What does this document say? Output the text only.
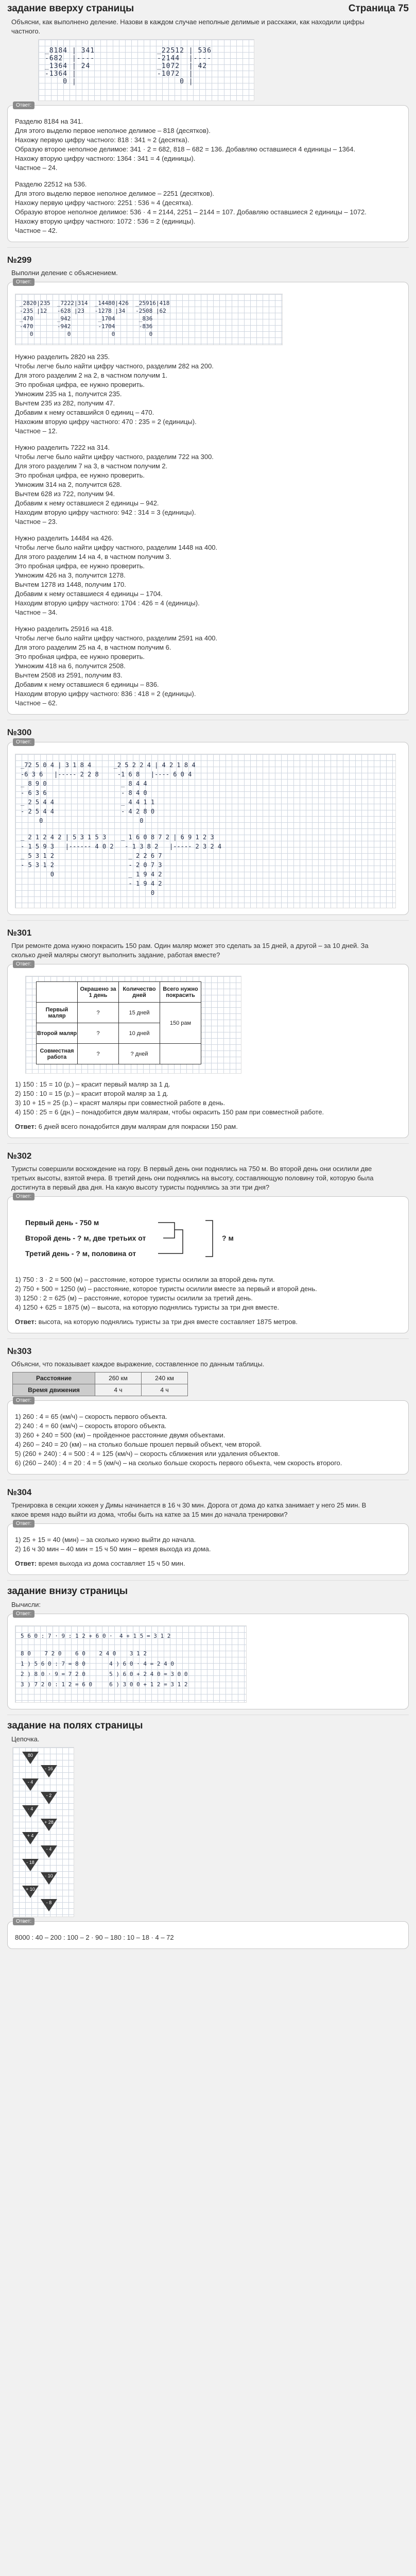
задание вверху страницы	Страница 75
Объясни, как выполнено деление. Назови в каждом случае неполные делимые и расскажи, как находили цифры частного.
_8184 | 341
-682  |----
_1364 | 24
-1364 |
0 |
_22512 | 536
-2144  |----
_1072  | 42
-1072  |
0 |
Ответ:

Разделю 8184 на 341.

Для этого выделю первое неполное делимое – 818 (десятков).

Нахожу первую цифру частного: 818 : 341 ≈ 2 (десятка).

Образую второе неполное делимое: 341 · 2 = 682, 818 – 682 = 136. Добавляю оставшиеся 4 единицы – 1364.

Нахожу вторую цифру частного: 1364 : 341 = 4 (единицы).

Частное – 24.

Разделю 22512 на 536.

Для этого выделю первое неполное делимое – 2251 (десятков).

Нахожу первую цифру частного: 2251 : 536 ≈ 4 (десятка).

Образую второе неполное делимое: 536 · 4 = 2144, 2251 – 2144 = 107. Добавляю оставшиеся 2 единицы – 1072.

Нахожу вторую цифру частного: 1072 : 536 = 2 (единицы).

Частное – 42.

№299
Выполни деление с объяснением.
Ответ:
_2820|235  _7222|314  _14480|426  _25916|418
-235 |12   -628 |23   -1278 |34   -2508 |62
_470       _942        _1704       _836
-470       -942        -1704       -836
0          0            0          0

Нужно разделить 2820 на 235.

Чтобы легче было найти цифру частного, разделим 282 на 200.

Для этого разделим 2 на 2, в частном получим 1.

Это пробная цифра, ее нужно проверить.

Умножим 235 на 1, получится 235.

Вычтем 235 из 282, получим 47.

Добавим к нему оставшийся 0 единиц – 470.

Нахожим вторую цифру частного: 470 : 235 = 2 (единицы).

Частное – 12.

Нужно разделить 7222 на 314.

Чтобы легче было найти цифру частного, разделим 722 на 300.

Для этого разделим 7 на 3, в частном получим 2.

Это пробная цифра, ее нужно проверить.

Умножим 314 на 2, получится 628.

Вычтем 628 из 722, получим 94.

Добавим к нему оставшиеся 2 единицы – 942.

Находим вторую цифру частного: 942 : 314 = 3 (единицы).

Частное – 23.

Нужно разделить 14484 на 426.

Чтобы легче было найти цифру частного, разделим 1448 на 400.

Для этого разделим 14 на 4, в частном получим 3.

Это пробная цифра, ее нужно проверить.

Умножим 426 на 3, получится 1278.

Вычтем 1278 из 1448, получим 170.

Добавим к нему оставшиеся 4 единицы – 1704.

Находим вторую цифру частного: 1704 : 426 = 4 (единицы).

Частное – 34.

Нужно разделить 25916 на 418.

Чтобы легче было найти цифру частного, разделим 2591 на 400.

Для этого разделим 25 на 4, в частном получим 6.

Это пробная цифра, ее нужно проверить.

Умножим 418 на 6, получится 2508.

Вычтем 2508 из 2591, получим 83.

Добавим к нему оставшиеся 6 единицы – 836.

Находим вторую цифру частного: 836 : 418 = 2 (единицы).

Частное – 62.

№300
Ответ:
_72 5 0 4 | 3 1 8 4      _2 5 2 2 4 | 4 2 1 8 4
-6 3 6   |----- 2 2 8     -1 6 8   |---- 6 0 4
_ 8 9 0                    _ 8 4 4
- 6 3 6                    - 8 4 0
_ 2 5 4 4                  _ 4 4 1 1
- 2 5 4 4                  - 4 2 8 0
0                          0
_ 2 1 2 4 2 | 5 3 1 5 3    _ 1 6 0 8 7 2 | 6 9 1 2 3
- 1 5 9 3   |------ 4 0 2   - 1 3 8 2   |----- 2 3 2 4
_ 5 3 1 2                    _ 2 2 6 7
- 5 3 1 2                    - 2 0 7 3
0                    _ 1 9 4 2
- 1 9 4 2
0
№301
При ремонте дома нужно покрасить 150 рам. Один маляр может это сделать за 15 дней, а другой – за 10 дней. За сколько дней маляры смогут выполнить задание, работая вместе?
Ответ:
	Окрашено за 1 день	Количество дней	Всего нужно покрасить
Первый маляр	?	15 дней	150 рам
Второй маляр	?	10 дней	
Совместная работа	?	? дней	

1) 150 : 15 = 10 (р.) – красит первый маляр за 1 д.

2) 150 : 10 = 15 (р.) – красит второй маляр за 1 д.

3) 10 + 15 = 25 (р.) – красят маляры при совместной работе в день.

4) 150 : 25 = 6 (дн.) – понадобится двум малярам, чтобы окрасить 150 рам при совместной работе.

Ответ: 6 дней всего понадобится двум малярам для покраски 150 рам.

№302
Туристы совершили восхождение на гору. В первый день они поднялись на 750 м. Во второй день они осилили две третьих высоты, взятой вчера. В третий день они поднялись на высоту, составляющую половину той, которую была достигнута в первый два дня. На какую высоту туристы поднялись за эти три дня?
Ответ:
Первый день - 750 м
Второй день - ? м, две третьих от
Третий день - ? м, половина от
? м

1) 750 : 3 · 2 = 500 (м) – расстояние, которое туристы осилили за второй день пути.

2) 750 + 500 = 1250 (м) – расстояние, которое туристы осилили вместе за первый и второй день.

3) 1250 : 2 = 625 (м) – расстояние, которое туристы осилили за третий день.

4) 1250 + 625 = 1875 (м) – высота, на которую поднялись туристы за три дня вместе.

Ответ: высота, на которую поднялись туристы за три дня вместе составляет 1875 метров.

№303
Объясни, что показывает каждое выражение, составленное по данным таблицы.
Расстояние	260 км	240 км
Время движения	4 ч	4 ч
Ответ:

1) 260 : 4 = 65 (км/ч) – скорость первого объекта.

2) 240 : 4 = 60 (км/ч) – скорость второго объекта.

3) 260 + 240 = 500 (км) – пройденное расстояние двумя объектами.

4) 260 – 240 = 20 (км) – на столько больше прошел первый объект, чем второй.

5) (260 + 240) : 4 = 500 : 4 = 125 (км/ч) – скорость сближения или удаления объектов.

6) (260 – 240) : 4 = 20 : 4 = 5 (км/ч) – на сколько больше скорость первого объекта, чем скорость второго.

№304
Тренировка в секции хоккея у Димы начинается в 16 ч 30 мин. Дорога от дома до катка занимает у него 25 мин. В какое время надо выйти из дома, чтобы быть на катке за 15 мин до начала тренировки?
Ответ:

1) 25 + 15 = 40 (мин) – за сколько нужно выйти до начала.

2) 16 ч 30 мин – 40 мин = 15 ч 50 мин – время выхода из дома.

Ответ: время выхода из дома составляет 15 ч 50 мин.

задание внизу страницы
Вычисли:
Ответ:
5 6 0 : 7 · 9 : 1 2 + 6 0 ·  4 + 1 5 = 3 1 2
8 0    7 2 0    6 0    2 4 0    3 1 2
1 ) 5 6 0 : 7 = 8 0       4 ) 6 0 · 4 = 2 4 0
2 ) 8 0 · 9 = 7 2 0       5 ) 6 0 + 2 4 0 = 3 0 0
3 ) 7 2 0 : 1 2 = 6 0     6 ) 3 0 0 + 1 2 = 3 1 2
задание на полях страницы
Цепочка.
80
- 16
- 4
- 2
· 4
+ 28
+ 4
- 4
- 18
· 10
+ 10
- 8
Ответ:

8000 : 40 – 200 : 100 – 2 · 90 – 180 : 10 – 18 · 4 – 72
